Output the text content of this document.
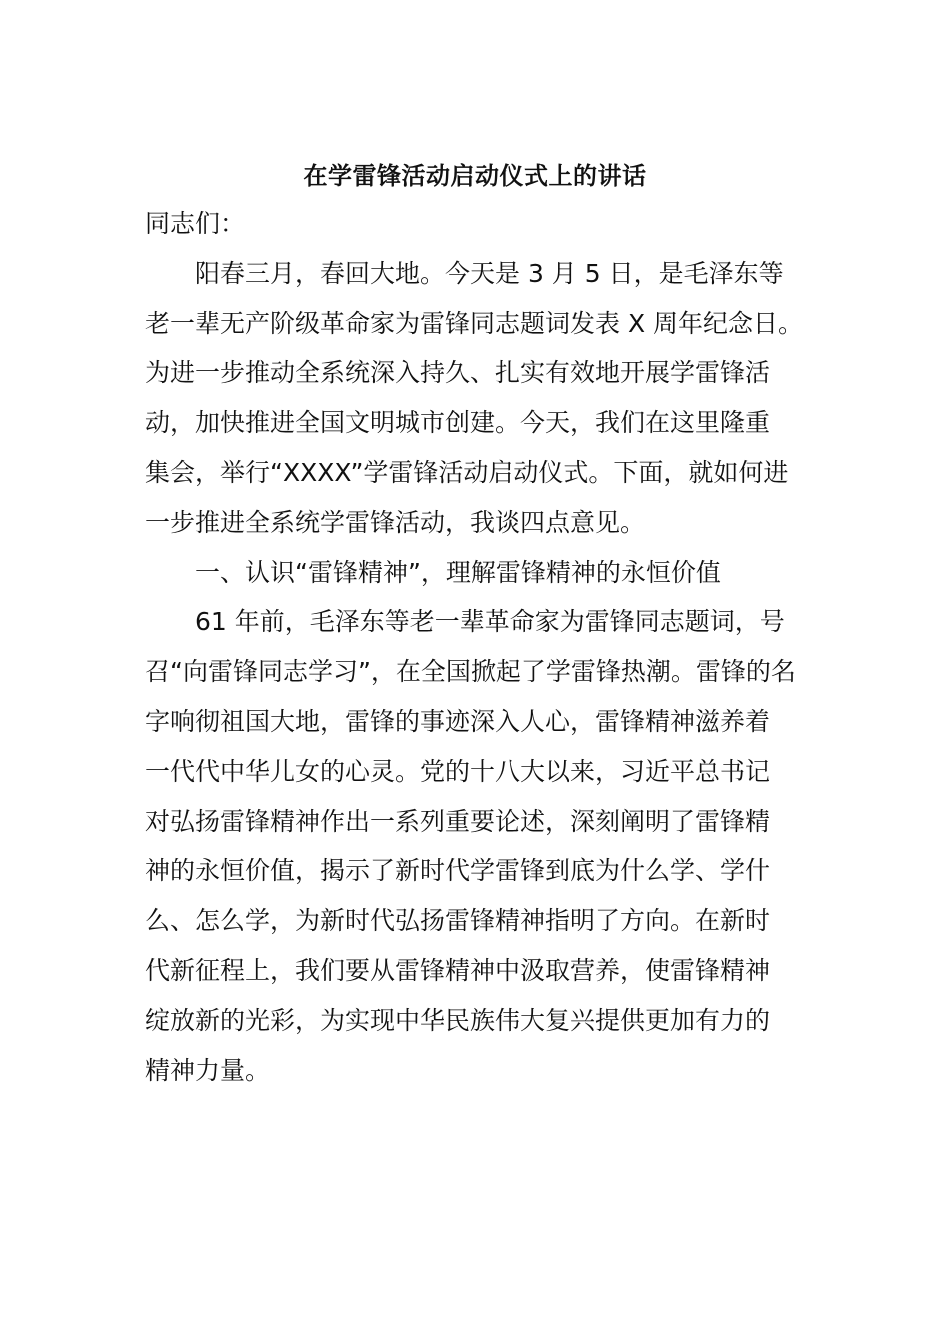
在学雷锋活动启动仪式上的讲话

同志们：

阳春三月，春回大地。今天是 3 月 5 日，是毛泽东等

老一辈无产阶级革命家为雷锋同志题词发表 X 周年纪念日。

为进一步推动全系统深入持久、扎实有效地开展学雷锋活

动，加快推进全国文明城市创建。今天，我们在这里隆重

集会，举行“XXXX”学雷锋活动启动仪式。下面，就如何进

一步推进全系统学雷锋活动，我谈四点意见。

一、认识“雷锋精神”，理解雷锋精神的永恒价值

61 年前，毛泽东等老一辈革命家为雷锋同志题词，号

召“向雷锋同志学习”，在全国掀起了学雷锋热潮。雷锋的名

字响彻祖国大地，雷锋的事迹深入人心，雷锋精神滋养着

一代代中华儿女的心灵。党的十八大以来，习近平总书记

对弘扬雷锋精神作出一系列重要论述，深刻阐明了雷锋精

神的永恒价值，揭示了新时代学雷锋到底为什么学、学什

么、怎么学，为新时代弘扬雷锋精神指明了方向。在新时

代新征程上，我们要从雷锋精神中汲取营养，使雷锋精神

绽放新的光彩，为实现中华民族伟大复兴提供更加有力的

精神力量。
